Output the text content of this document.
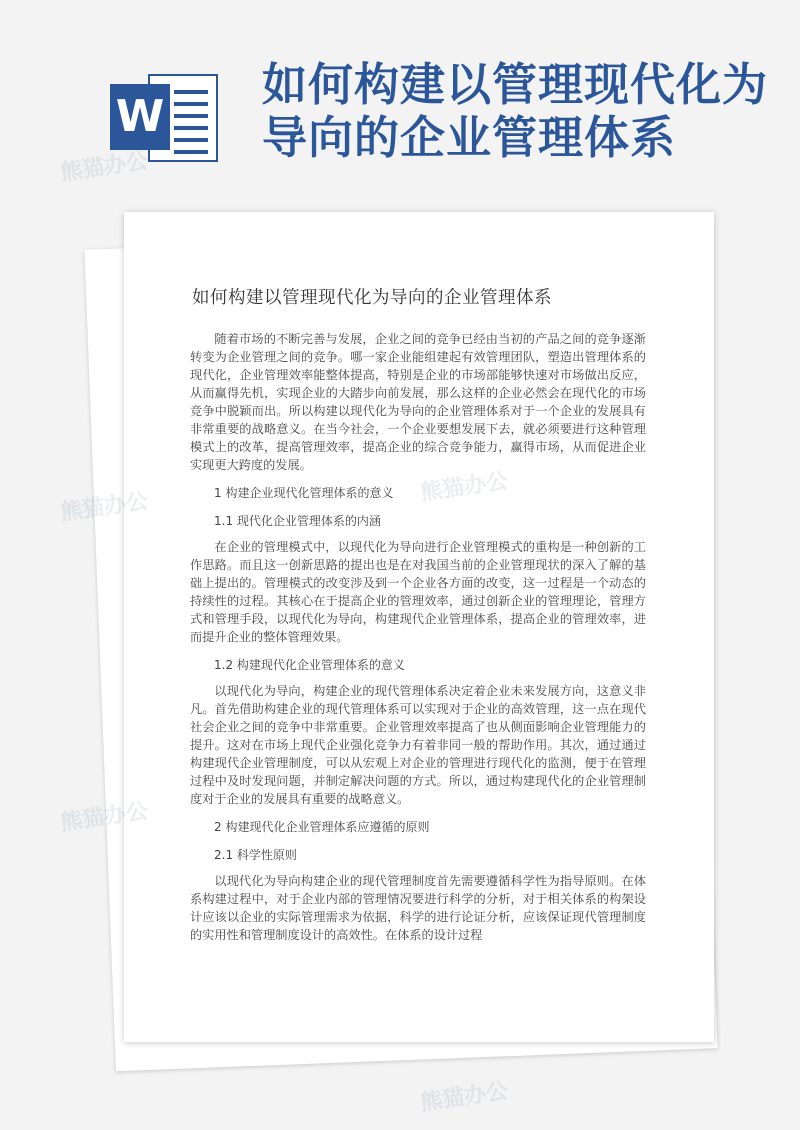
W
如何构建以管理现代化为导向的企业管理体系
如何构建以管理现代化为导向的企业管理体系

随着市场的不断完善与发展，企业之间的竞争已经由当初的产品之间的竞争逐渐转变为企业管理之间的竞争。哪一家企业能组建起有效管理团队，塑造出管理体系的现代化，企业管理效率能整体提高，特别是企业的市场部能够快速对市场做出反应，从而赢得先机，实现企业的大踏步向前发展，那么这样的企业必然会在现代化的市场竞争中脱颖而出。所以构建以现代化为导向的企业管理体系对于一个企业的发展具有非常重要的战略意义。在当今社会，一个企业要想发展下去，就必须要进行这种管理模式上的改革，提高管理效率，提高企业的综合竞争能力，赢得市场，从而促进企业实现更大跨度的发展。

1 构建企业现代化管理体系的意义
1.1 现代化企业管理体系的内涵

在企业的管理模式中，以现代化为导向进行企业管理模式的重构是一种创新的工作思路。而且这一创新思路的提出也是在对我国当前的企业管理现状的深入了解的基础上提出的。管理模式的改变涉及到一个企业各方面的改变，这一过程是一个动态的持续性的过程。其核心在于提高企业的管理效率，通过创新企业的管理理论，管理方式和管理手段，以现代化为导向，构建现代企业管理体系，提高企业的管理效率，进而提升企业的整体管理效果。

1.2 构建现代化企业管理体系的意义

以现代化为导向，构建企业的现代管理体系决定着企业未来发展方向，这意义非凡。首先借助构建企业的现代管理体系可以实现对于企业的高效管理，这一点在现代社会企业之间的竞争中非常重要。企业管理效率提高了也从侧面影响企业管理能力的提升。这对在市场上现代企业强化竞争力有着非同一般的帮助作用。其次，通过通过构建现代企业管理制度，可以从宏观上对企业的管理进行现代化的监测，便于在管理过程中及时发现问题，并制定解决问题的方式。所以，通过构建现代化的企业管理制度对于企业的发展具有重要的战略意义。

2 构建现代化企业管理体系应遵循的原则
2.1 科学性原则

以现代化为导向构建企业的现代管理制度首先需要遵循科学性为指导原则。在体系构建过程中，对于企业内部的管理情况要进行科学的分析，对于相关体系的构架设计应该以企业的实际管理需求为依据，科学的进行论证分析，应该保证现代管理制度的实用性和管理制度设计的高效性。在体系的设计过程

熊猫办公
熊猫办公
熊猫办公
